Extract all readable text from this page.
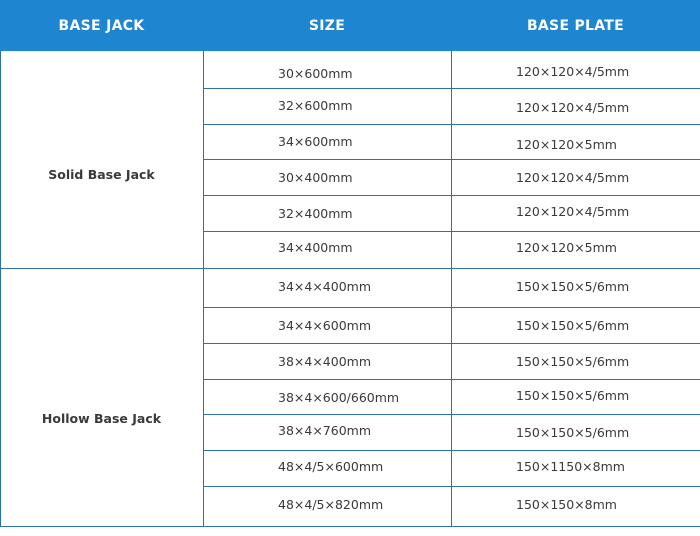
BASE JACK	SIZE	BASE PLATE
Solid Base Jack
30×600mm	120×120×4/5mm
32×600mm	120×120×4/5mm
34×600mm	120×120×5mm
30×400mm	120×120×4/5mm
32×400mm	120×120×4/5mm
34×400mm	120×120×5mm
Hollow Base Jack
34×4×400mm	150×150×5/6mm
34×4×600mm	150×150×5/6mm
38×4×400mm	150×150×5/6mm
38×4×600/660mm	150×150×5/6mm
38×4×760mm	150×150×5/6mm
48×4/5×600mm	150×1150×8mm
48×4/5×820mm	150×150×8mm
